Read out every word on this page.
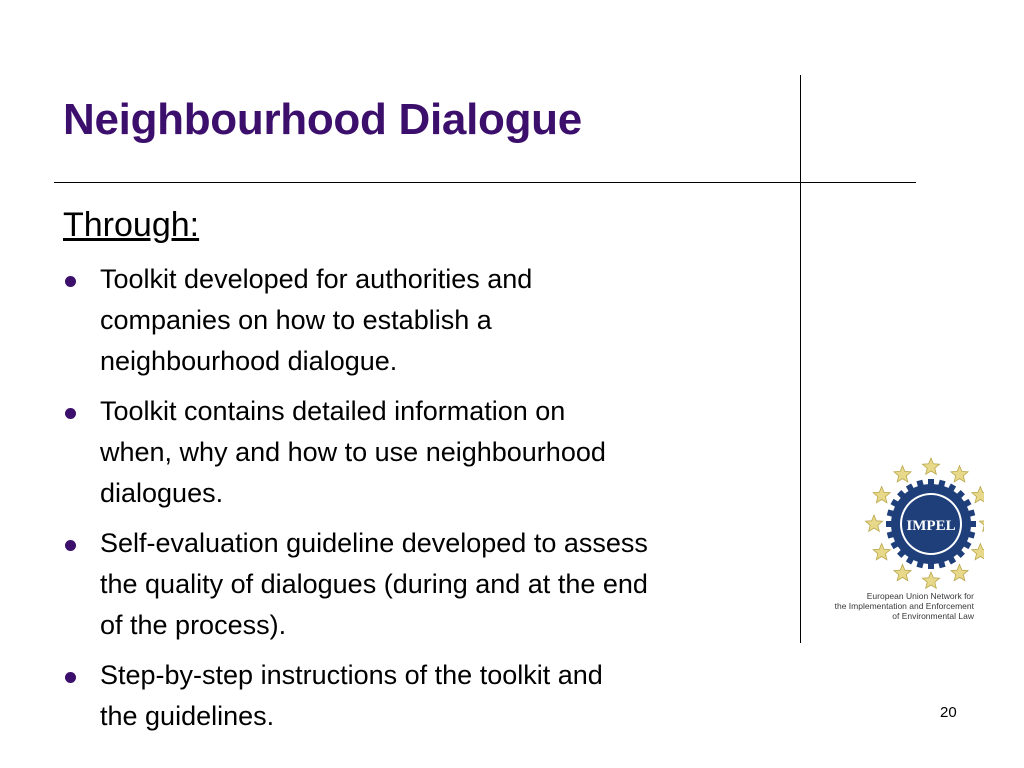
Neighbourhood Dialogue

Through:

Toolkit developed for authorities and
companies on how to establish a
neighbourhood dialogue.
Toolkit contains detailed information on
when, why and how to use neighbourhood
dialogues.
Self-evaluation guideline developed to assess
the quality of dialogues (during and at the end
of the process).
Step-by-step instructions of the toolkit and
the guidelines.
IMPEL
European Union Network for
the Implementation and Enforcement
of Environmental Law
20
